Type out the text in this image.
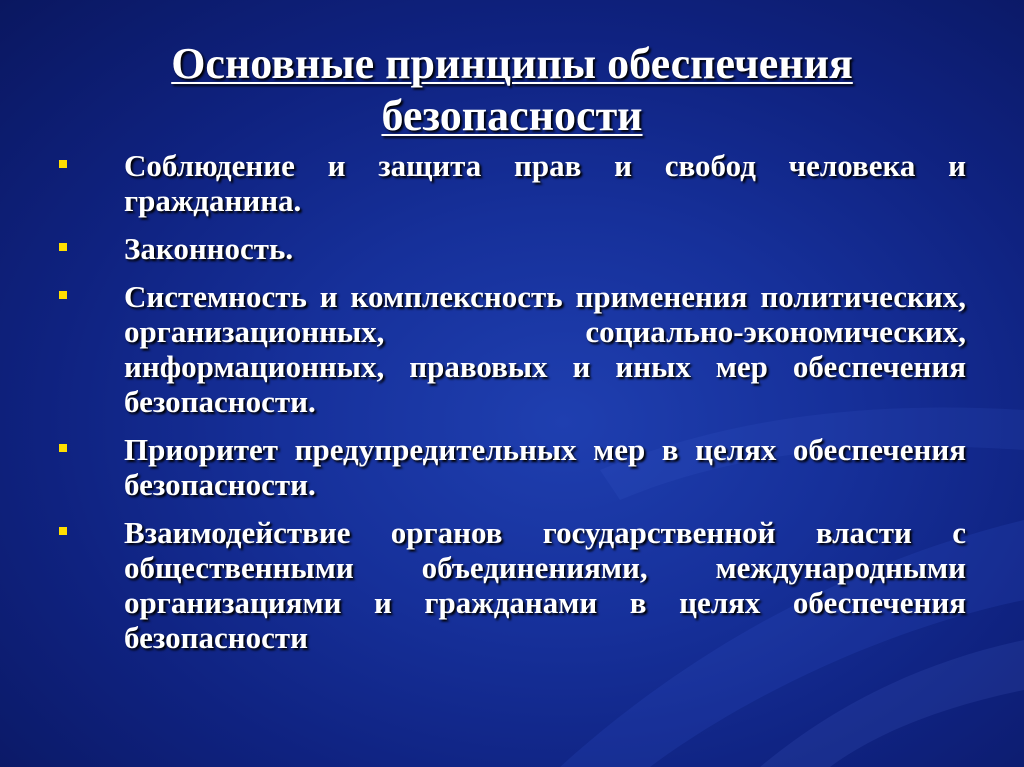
Основные принципы обеспечения
безопасности
Соблюдение и защита прав и свобод человека и гражданина.
Законность.
Системность и комплексность применения политических, организационных, социально-экономических, информационных, правовых и иных мер обеспечения безопасности.
Приоритет предупредительных мер в целях обеспечения безопасности.
Взаимодействие органов государственной власти с общественными объединениями, международными организациями и гражданами в целях обеспечения безопасности
